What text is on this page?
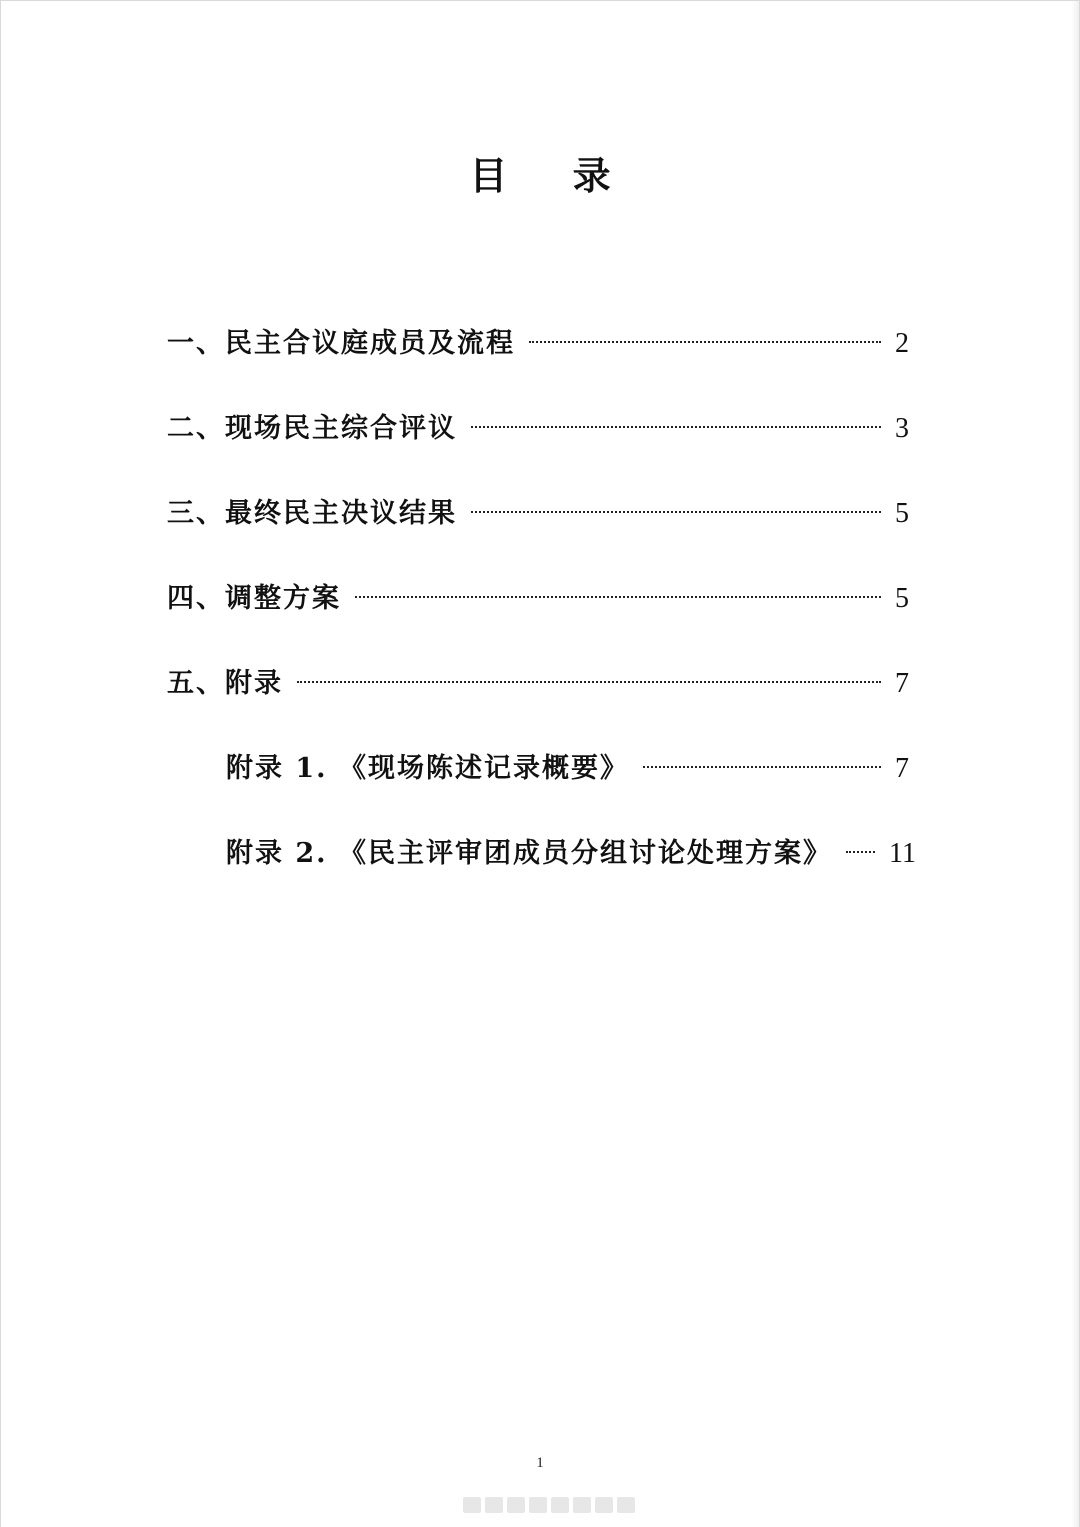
目 录
一、民主合议庭成员及流程	2
二、现场民主综合评议	3
三、最终民主决议结果	5
四、调整方案	5
五、附录	7
附录 1. 《现场陈述记录概要》	7
附录 2. 《民主评审团成员分组讨论处理方案》 11
1
